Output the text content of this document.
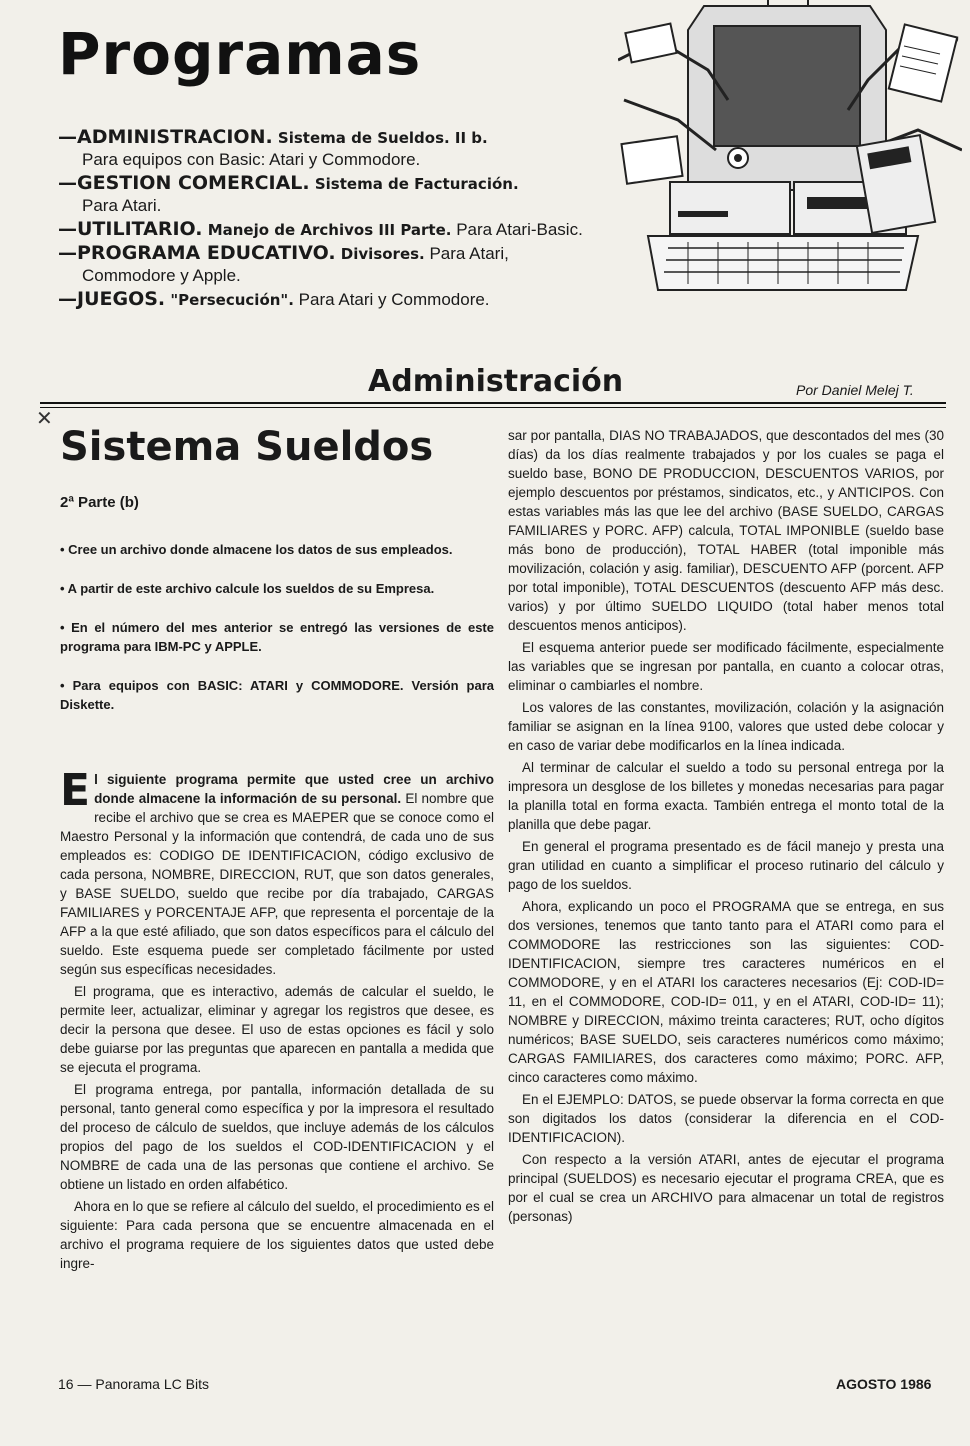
Programas
—ADMINISTRACION. Sistema de Sueldos. II b.
Para equipos con Basic: Atari y Commodore.
—GESTION COMERCIAL. Sistema de Facturación.
Para Atari.
—UTILITARIO. Manejo de Archivos III Parte. Para Atari-Basic.
—PROGRAMA EDUCATIVO. Divisores. Para Atari,
Commodore y Apple.
—JUEGOS. "Persecución". Para Atari y Commodore.
Administración	Por Daniel Melej T.
✕
Sistema Sueldos
2ª Parte (b)
• Cree un archivo donde almacene los datos de sus empleados.
• A partir de este archivo calcule los sueldos de su Empresa.
• En el número del mes anterior se entregó las versiones de este programa para IBM-PC y APPLE.
• Para equipos con BASIC: ATARI y COMMODORE. Versión para Diskette.

El siguiente programa permite que usted cree un archivo donde almacene la información de su personal. El nombre que recibe el archivo que se crea es MAEPER que se conoce como el Maestro Personal y la información que contendrá, de cada uno de sus empleados es: CODIGO DE IDENTIFICACION, código exclusivo de cada persona, NOMBRE, DIRECCION, RUT, que son datos generales, y BASE SUELDO, sueldo que recibe por día trabajado, CARGAS FAMILIARES y PORCENTAJE AFP, que representa el porcentaje de la AFP a la que esté afiliado, que son datos específicos para el cálculo del sueldo. Este esquema puede ser completado fácilmente por usted según sus específicas necesidades.

El programa, que es interactivo, además de calcular el sueldo, le permite leer, actualizar, eliminar y agregar los registros que desee, es decir la persona que desee. El uso de estas opciones es fácil y solo debe guiarse por las preguntas que aparecen en pantalla a medida que se ejecuta el programa.

El programa entrega, por pantalla, información detallada de su personal, tanto general como específica y por la impresora el resultado del proceso de cálculo de sueldos, que incluye además de los cálculos propios del pago de los sueldos el COD-IDENTIFICACION y el NOMBRE de cada una de las personas que contiene el archivo. Se obtiene un listado en orden alfabético.

Ahora en lo que se refiere al cálculo del sueldo, el procedimiento es el siguiente: Para cada persona que se encuentre almacenada en el archivo el programa requiere de los siguientes datos que usted debe ingre-

sar por pantalla, DIAS NO TRABAJADOS, que descontados del mes (30 días) da los días realmente trabajados y por los cuales se paga el sueldo base, BONO DE PRODUCCION, DESCUENTOS VARIOS, por ejemplo descuentos por préstamos, sindicatos, etc., y ANTICIPOS. Con estas variables más las que lee del archivo (BASE SUELDO, CARGAS FAMILIARES y PORC. AFP) calcula, TOTAL IMPONIBLE (sueldo base más bono de producción), TOTAL HABER (total imponible más movilización, colación y asig. familiar), DESCUENTO AFP (porcent. AFP por total imponible), TOTAL DESCUENTOS (descuento AFP más desc. varios) y por último SUELDO LIQUIDO (total haber menos total descuentos menos anticipos).

El esquema anterior puede ser modificado fácilmente, especialmente las variables que se ingresan por pantalla, en cuanto a colocar otras, eliminar o cambiarles el nombre.

Los valores de las constantes, movilización, colación y la asignación familiar se asignan en la línea 9100, valores que usted debe colocar y en caso de variar debe modificarlos en la línea indicada.

Al terminar de calcular el sueldo a todo su personal entrega por la impresora un desglose de los billetes y monedas necesarias para pagar la planilla total en forma exacta. También entrega el monto total de la planilla que debe pagar.

En general el programa presentado es de fácil manejo y presta una gran utilidad en cuanto a simplificar el proceso rutinario del cálculo y pago de los sueldos.

Ahora, explicando un poco el PROGRAMA que se entrega, en sus dos versiones, tenemos que tanto tanto para el ATARI como para el COMMODORE las restricciones son las siguientes: COD-IDENTIFICACION, siempre tres caracteres numéricos en el COMMODORE, y en el ATARI los caracteres necesarios (Ej: COD-ID= 11, en el COMMODORE, COD-ID= 011, y en el ATARI, COD-ID= 11); NOMBRE y DIRECCION, máximo treinta caracteres; RUT, ocho dígitos numéricos; BASE SUELDO, seis caracteres numéricos como máximo; CARGAS FAMILIARES, dos caracteres como máximo; PORC. AFP, cinco caracteres como máximo.

En el EJEMPLO: DATOS, se puede observar la forma correcta en que son digitados los datos (considerar la diferencia en el COD-IDENTIFICACION).

Con respecto a la versión ATARI, antes de ejecutar el programa principal (SUELDOS) es necesario ejecutar el programa CREA, que es por el cual se crea un ARCHIVO para almacenar un total de registros (personas)

16 — Panorama LC Bits	AGOSTO 1986
